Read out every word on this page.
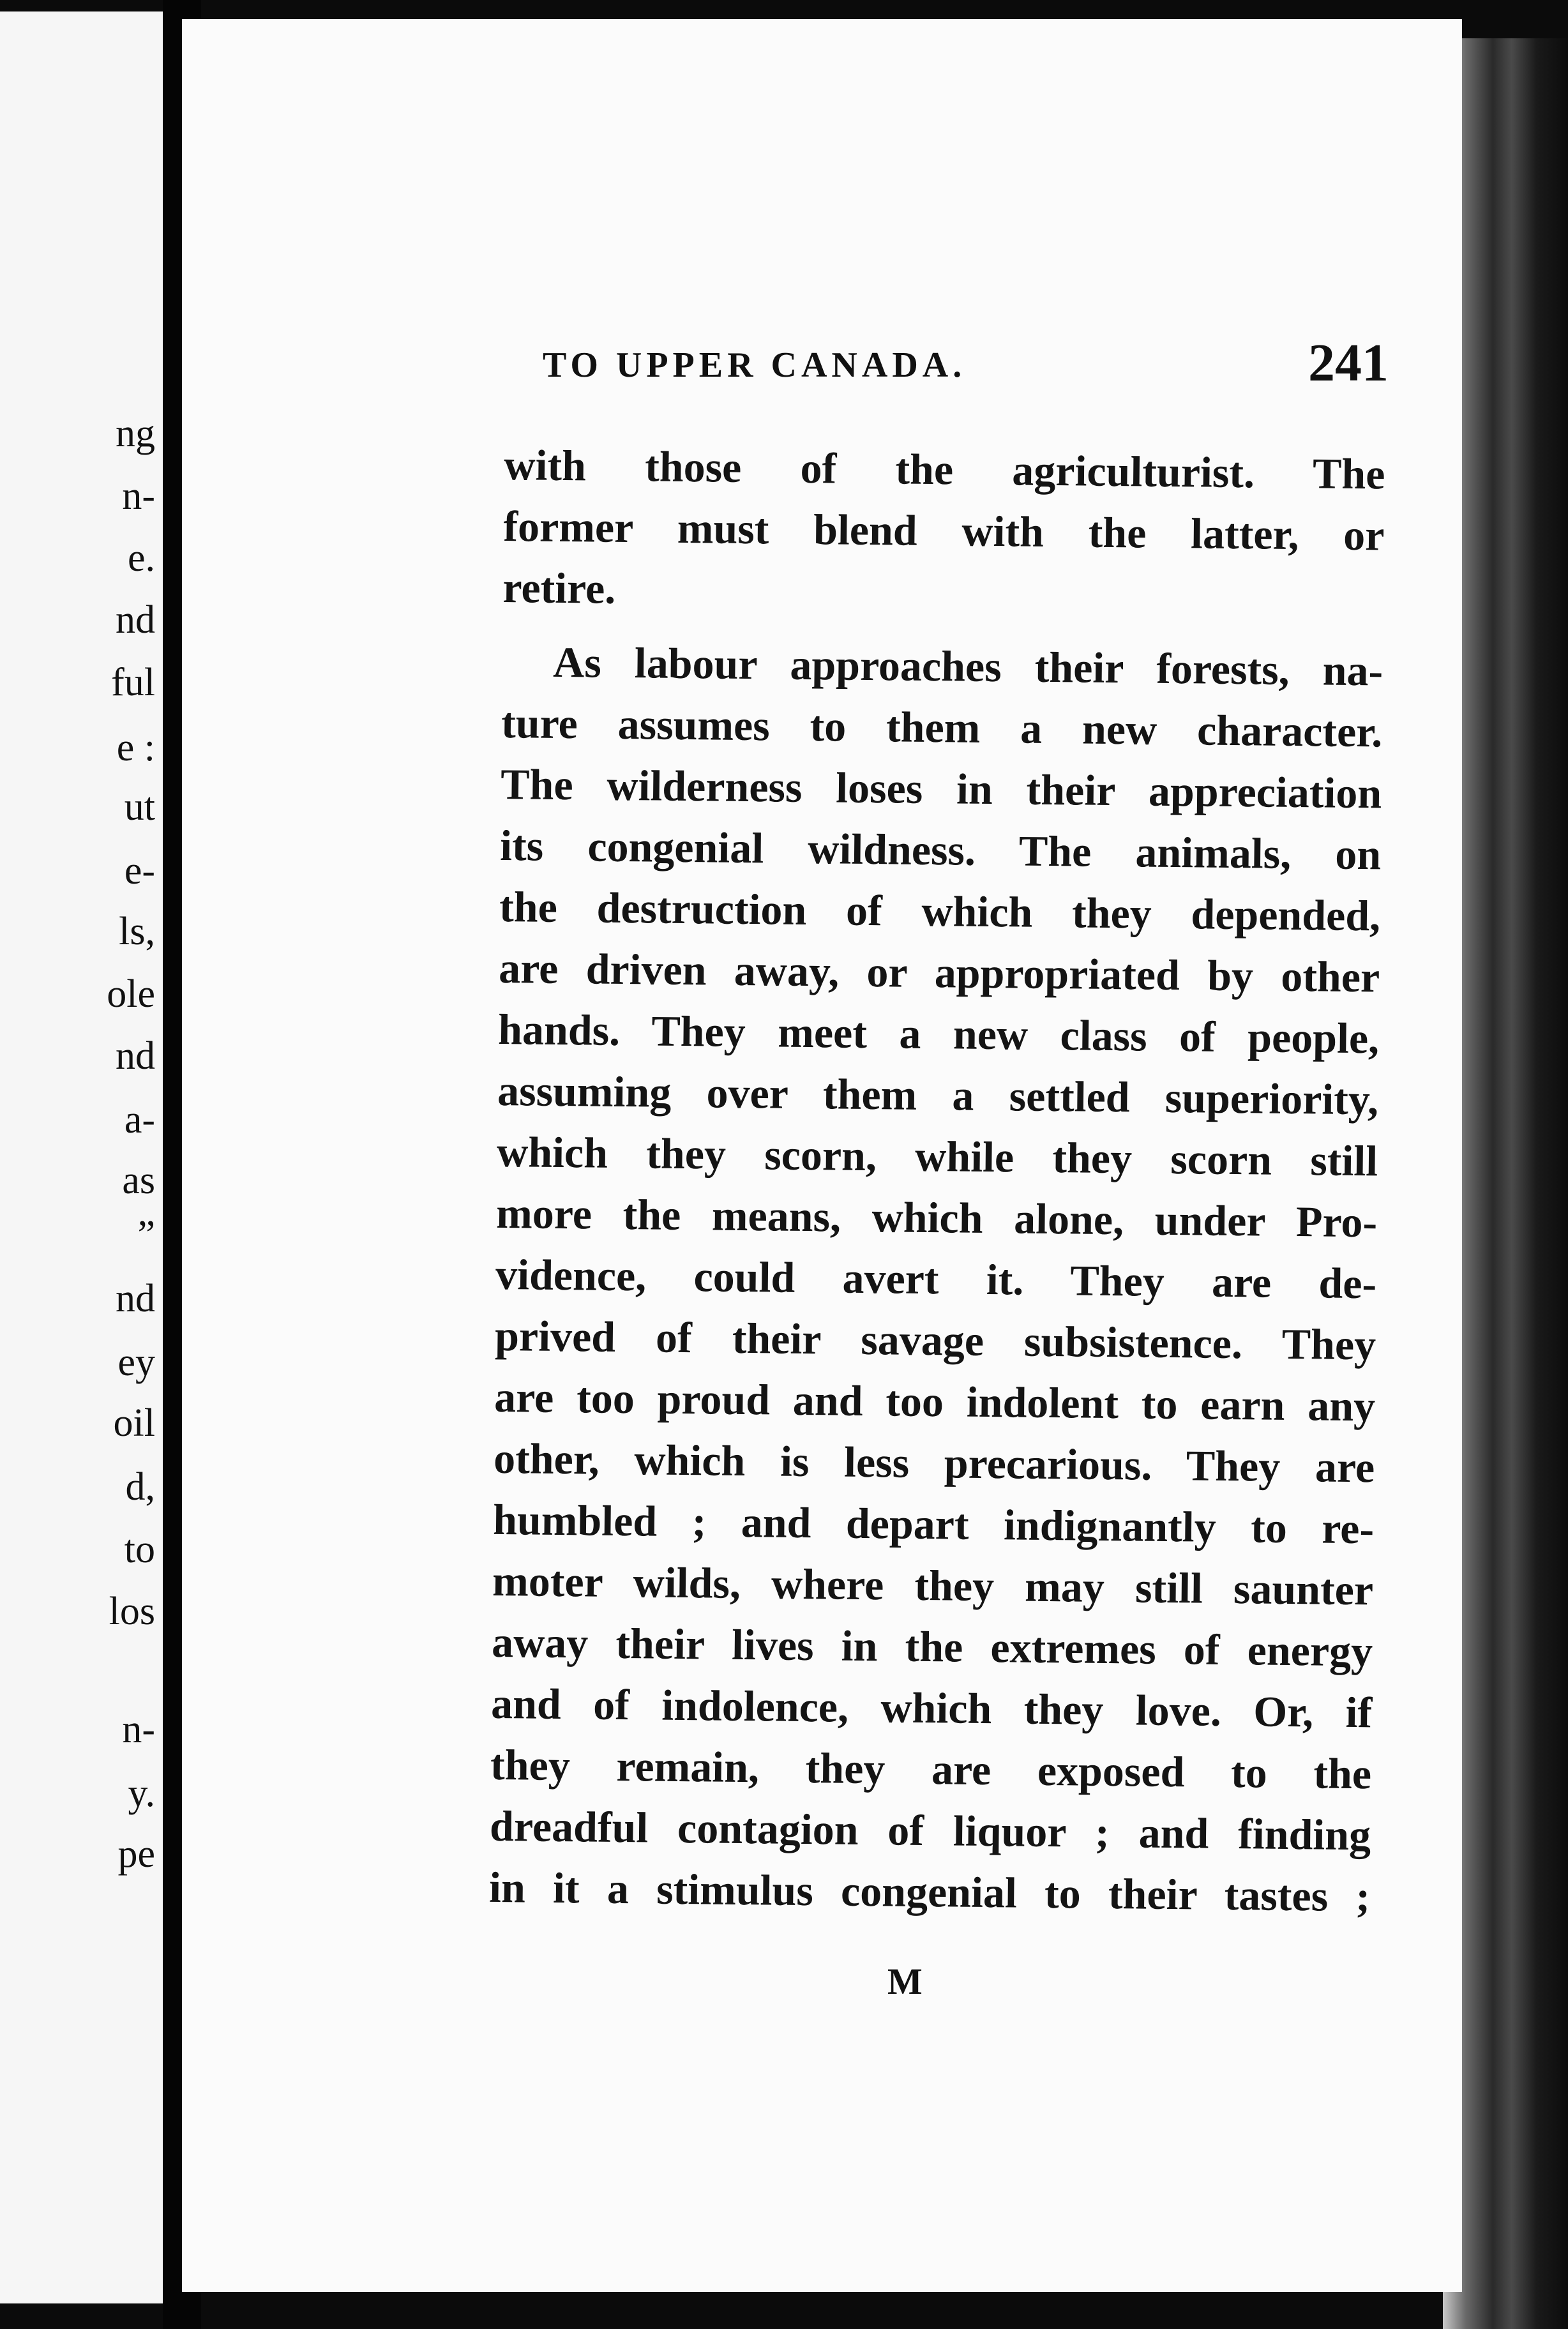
ng
n-
e.
nd
ful
e :
ut
e-
ls,
ole
nd
a-
as
”
nd
ey
oil
d,
to
los
n-
y.
pe
TO UPPER CANADA.	241
with those of the agriculturist. The
former must blend with the latter, or
retire.
As labour approaches their forests, na-
ture assumes to them a new character.
The wilderness loses in their appreciation
its congenial wildness. The animals, on
the destruction of which they depended,
are driven away, or appropriated by other
hands. They meet a new class of people,
assuming over them a settled superiority,
which they scorn, while they scorn still
more the means, which alone, under Pro-
vidence, could avert it. They are de-
prived of their savage subsistence. They
are too proud and too indolent to earn any
other, which is less precarious. They are
humbled ; and depart indignantly to re-
moter wilds, where they may still saunter
away their lives in the extremes of energy
and of indolence, which they love. Or, if
they remain, they are exposed to the
dreadful contagion of liquor ; and finding
in it a stimulus congenial to their tastes ;
M
